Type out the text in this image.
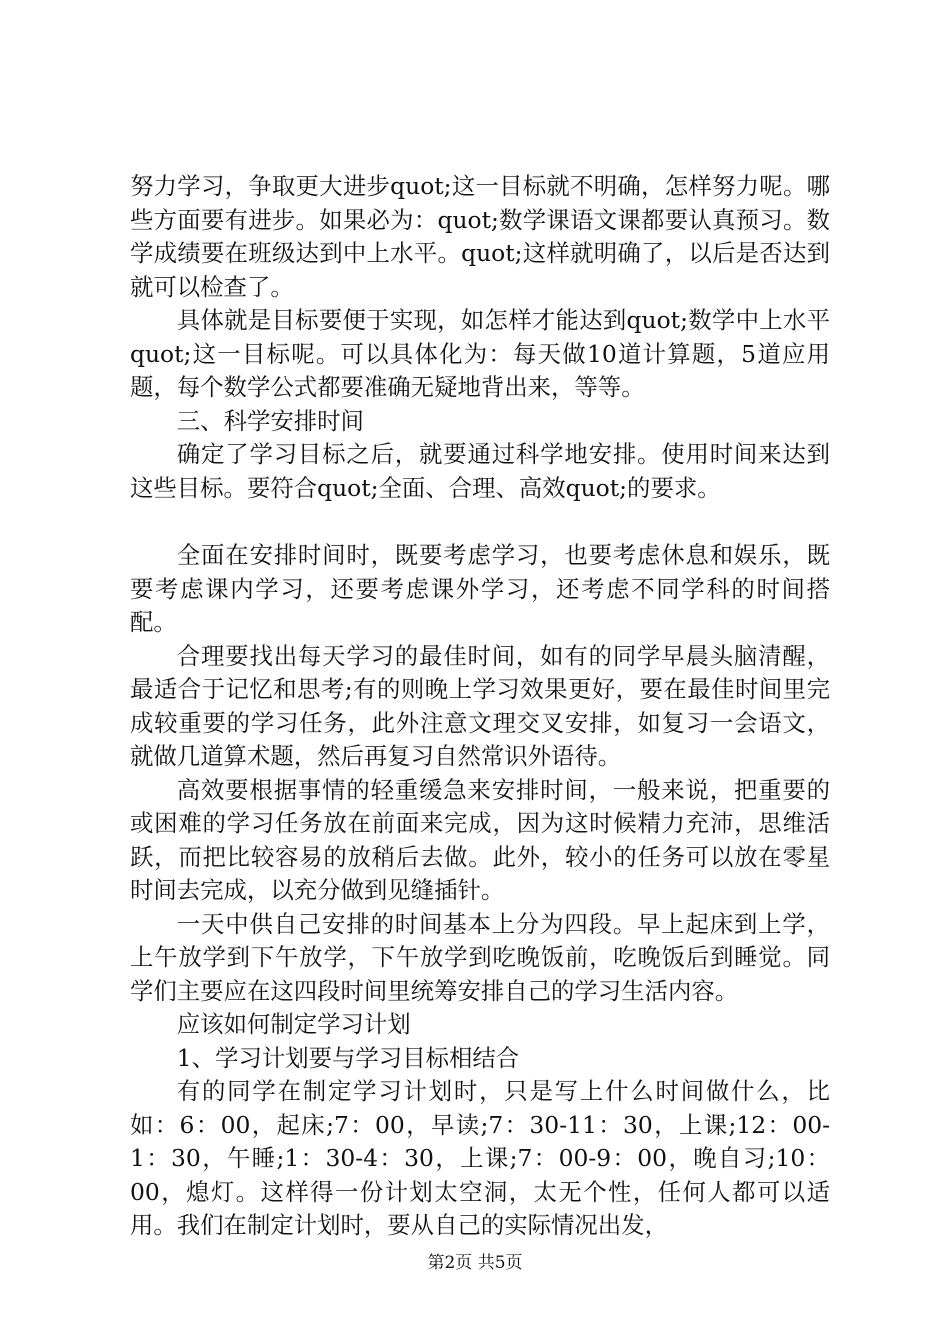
努力学习，争取更大进步quot;这一目标就不明确，怎样努力呢。哪些方面要有进步。如果必为：quot;数学课语文课都要认真预习。数学成绩要在班级达到中上水平。quot;这样就明确了，以后是否达到就可以检查了。

具体就是目标要便于实现，如怎样才能达到quot;数学中上水平quot;这一目标呢。可以具体化为：每天做10道计算题，5道应用题，每个数学公式都要准确无疑地背出来，等等。

三、科学安排时间

确定了学习目标之后，就要通过科学地安排。使用时间来达到这些目标。要符合quot;全面、合理、高效quot;的要求。

全面在安排时间时，既要考虑学习，也要考虑休息和娱乐，既要考虑课内学习，还要考虑课外学习，还考虑不同学科的时间搭配。

合理要找出每天学习的最佳时间，如有的同学早晨头脑清醒，最适合于记忆和思考;有的则晚上学习效果更好，要在最佳时间里完成较重要的学习任务，此外注意文理交叉安排，如复习一会语文，就做几道算术题，然后再复习自然常识外语待。

高效要根据事情的轻重缓急来安排时间，一般来说，把重要的或困难的学习任务放在前面来完成，因为这时候精力充沛，思维活跃，而把比较容易的放稍后去做。此外，较小的任务可以放在零星时间去完成，以充分做到见缝插针。

一天中供自己安排的时间基本上分为四段。早上起床到上学，上午放学到下午放学，下午放学到吃晚饭前，吃晚饭后到睡觉。同学们主要应在这四段时间里统筹安排自己的学习生活内容。

应该如何制定学习计划

1、学习计划要与学习目标相结合

有的同学在制定学习计划时，只是写上什么时间做什么，比如：6：00，起床;7：00，早读;7：30-11：30，上课;12：00-1：30，午睡;1：30-4：30，上课;7：00-9：00，晚自习;10：00，熄灯。这样得一份计划太空洞，太无个性，任何人都可以适用。我们在制定计划时，要从自己的实际情况出发，

第2页 共5页
